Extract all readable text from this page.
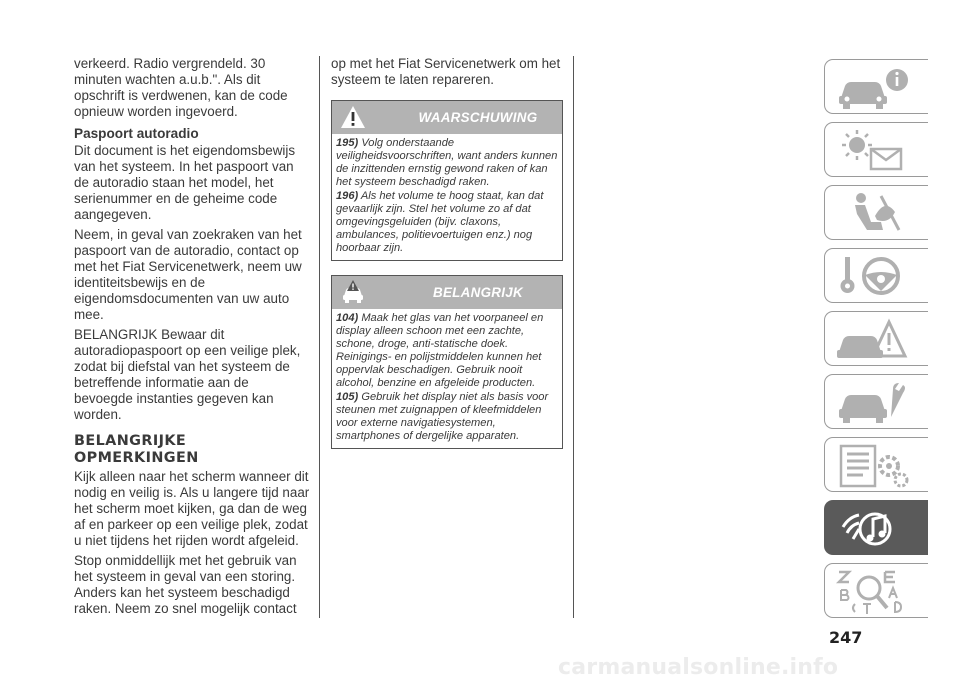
verkeerd. Radio vergrendeld. 30 minuten wachten a.u.b.". Als dit opschrift is verdwenen, kan de code opnieuw worden ingevoerd.

Paspoort autoradio

Dit document is het eigendomsbewijs van het systeem. In het paspoort van de autoradio staan het model, het serienummer en de geheime code aangegeven.

Neem, in geval van zoekraken van het paspoort van de autoradio, contact op met het Fiat Servicenetwerk, neem uw identiteitsbewijs en de eigendomsdocumenten van uw auto mee.

BELANGRIJK Bewaar dit autoradiopaspoort op een veilige plek, zodat bij diefstal van het systeem de betreffende informatie aan de bevoegde instanties gegeven kan worden.

BELANGRIJKE OPMERKINGEN

Kijk alleen naar het scherm wanneer dit nodig en veilig is. Als u langere tijd naar het scherm moet kijken, ga dan de weg af en parkeer op een veilige plek, zodat u niet tijdens het rijden wordt afgeleid.

Stop onmiddellijk met het gebruik van het systeem in geval van een storing. Anders kan het systeem beschadigd raken. Neem zo snel mogelijk contact

op met het Fiat Servicenetwerk om het systeem te laten repareren.

WAARSCHUWING

195) Volg onderstaande veiligheidsvoorschriften, want anders kunnen de inzittenden ernstig gewond raken of kan het systeem beschadigd raken.

196) Als het volume te hoog staat, kan dat gevaarlijk zijn. Stel het volume zo af dat omgevingsgeluiden (bijv. claxons, ambulances, politievoertuigen enz.) nog hoorbaar zijn.

BELANGRIJK

104) Maak het glas van het voorpaneel en display alleen schoon met een zachte, schone, droge, anti-statische doek. Reinigings- en polijstmiddelen kunnen het oppervlak beschadigen. Gebruik nooit alcohol, benzine en afgeleide producten.

105) Gebruik het display niet als basis voor steunen met zuignappen of kleefmiddelen voor externe navigatiesystemen, smartphones of dergelijke apparaten.

247
carmanualsonline.info
